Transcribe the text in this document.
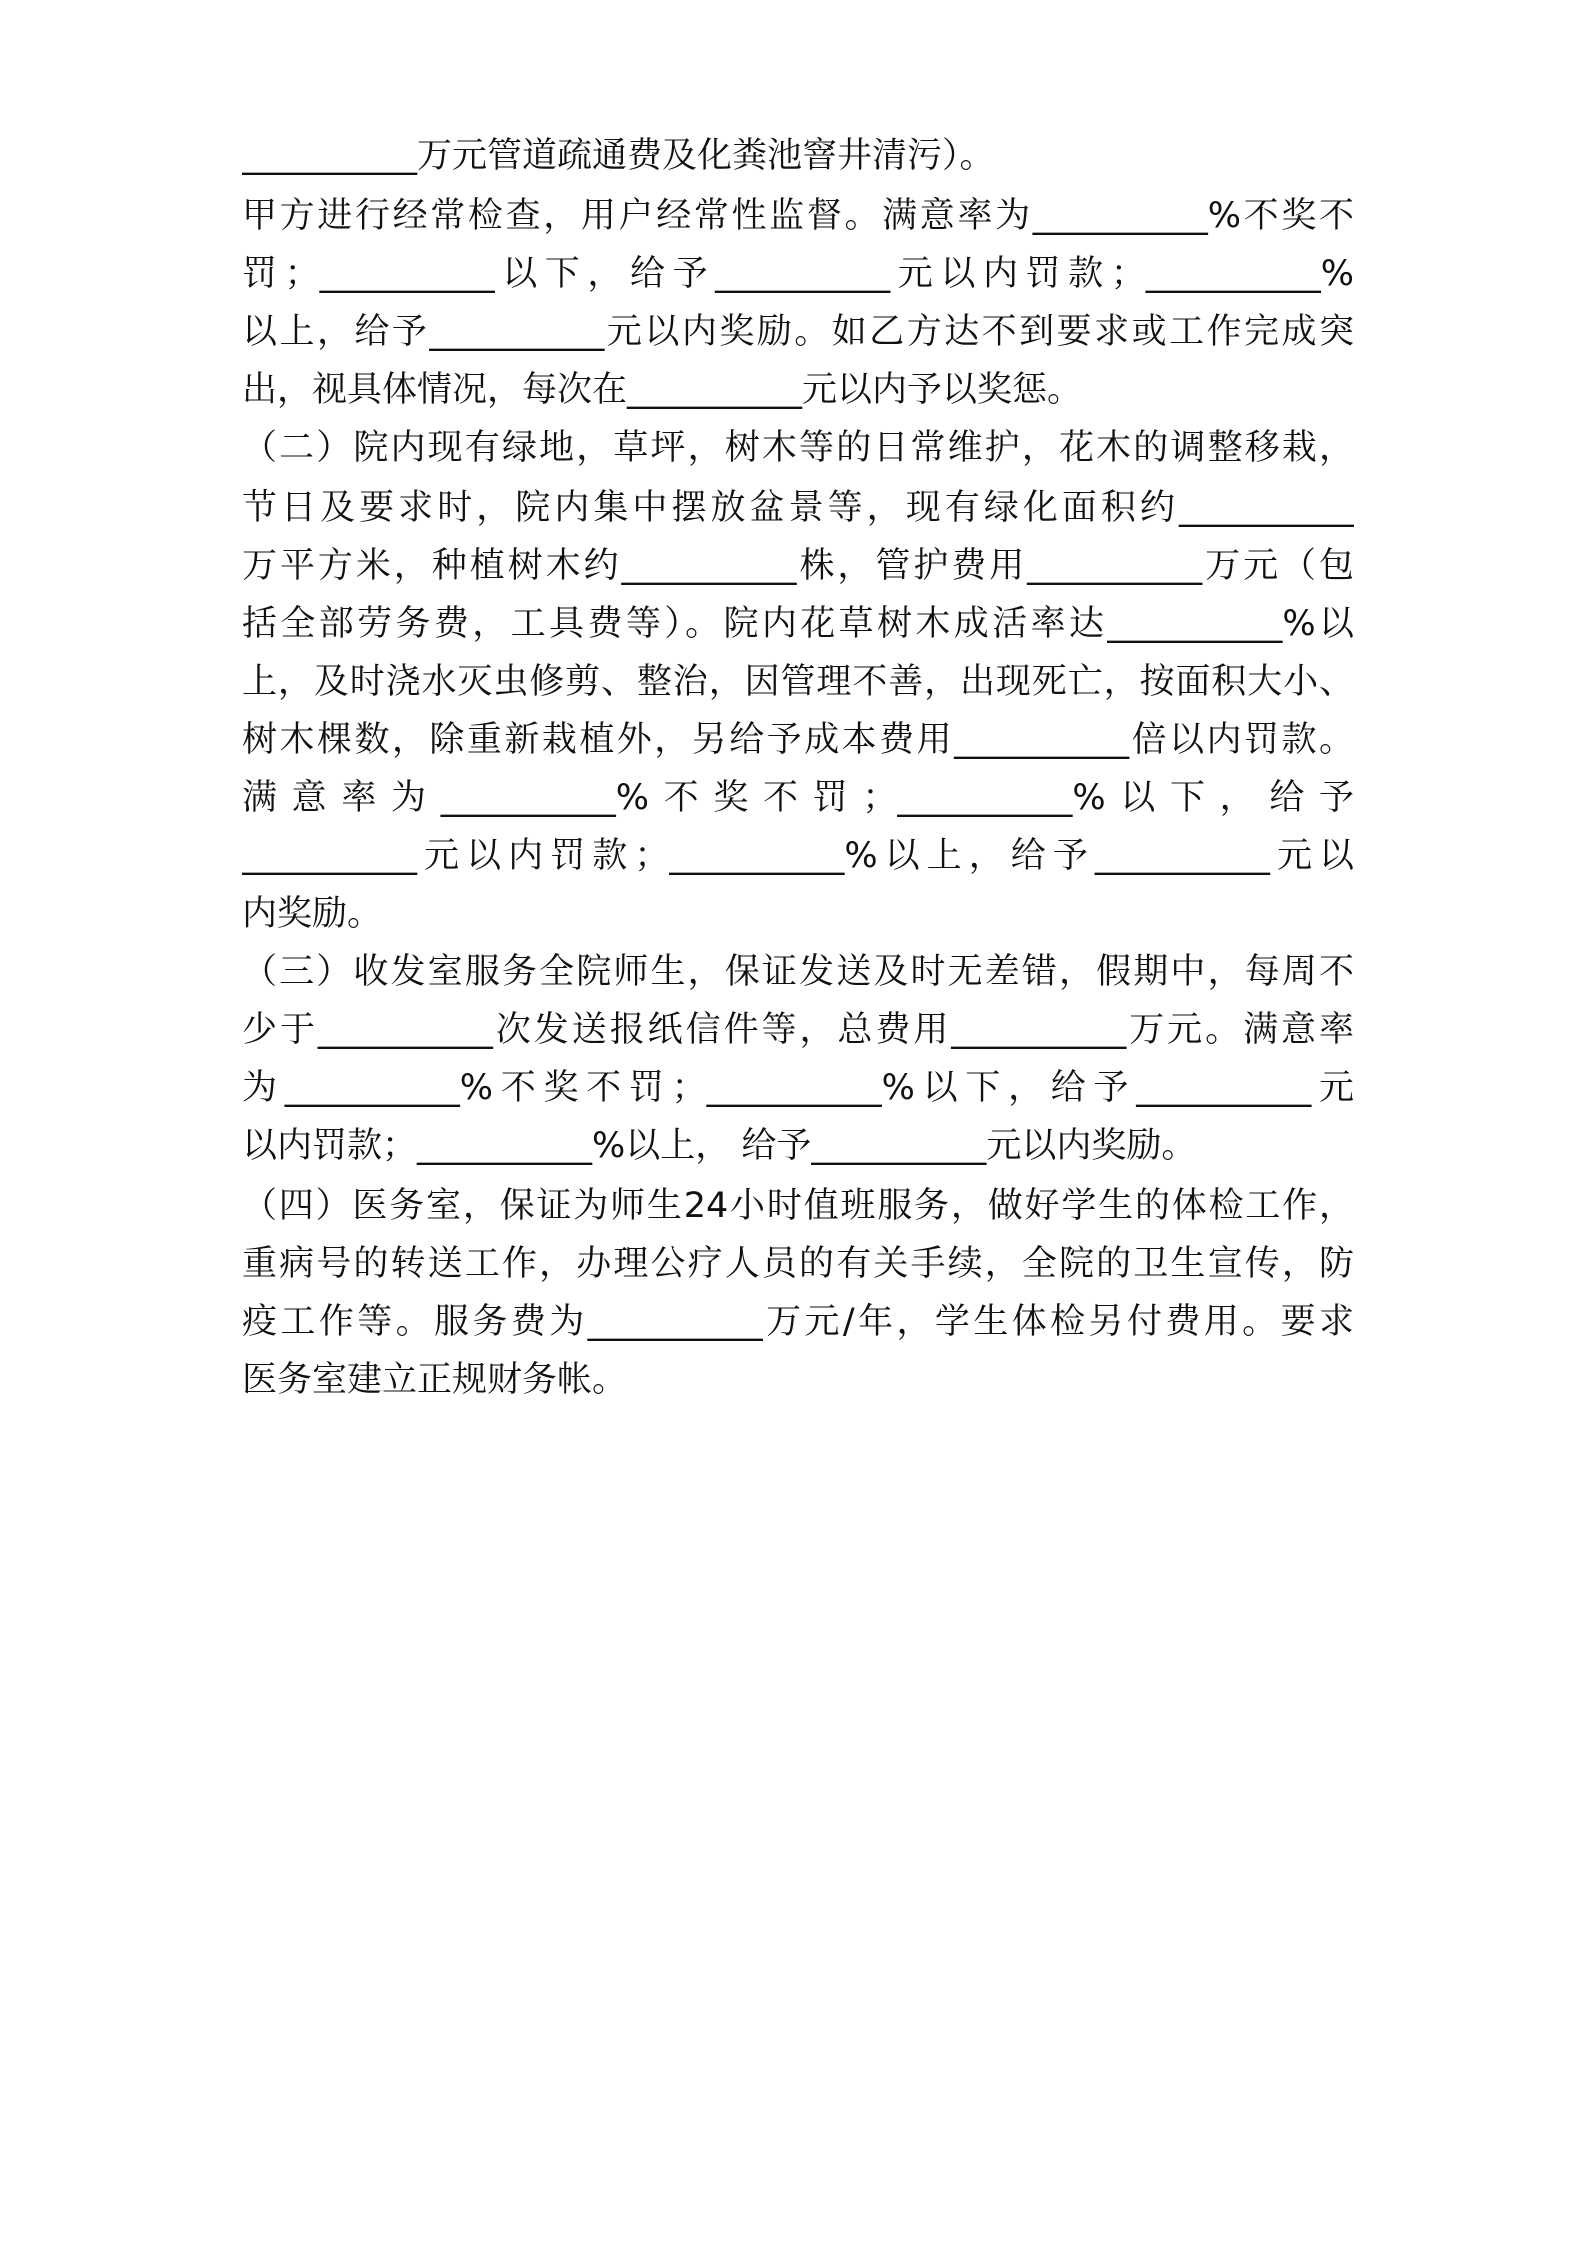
__________万元管道疏通费及化粪池窨井清污）。
甲方进行经常检查，用户经常性监督。满意率为__________%不奖不
罚；__________以下，给予__________元以内罚款；__________%
以上，给予__________元以内奖励。如乙方达不到要求或工作完成突
出，视具体情况，每次在__________元以内予以奖惩。
（二）院内现有绿地，草坪，树木等的日常维护，花木的调整移栽，
节日及要求时，院内集中摆放盆景等，现有绿化面积约__________
万平方米，种植树木约__________株，管护费用__________万元（包
括全部劳务费，工具费等）。院内花草树木成活率达__________%以
上，及时浇水灭虫修剪、整治，因管理不善，出现死亡，按面积大小、
树木棵数，除重新栽植外，另给予成本费用__________倍以内罚款。
满意率为__________%不奖不罚；__________%以下，给予
__________元以内罚款；__________%以上，给予__________元以
内奖励。
（三）收发室服务全院师生，保证发送及时无差错，假期中，每周不
少于__________次发送报纸信件等，总费用__________万元。满意率
为__________%不奖不罚；__________%以下，给予__________元
以内罚款；__________%以上， 给予__________元以内奖励。
（四）医务室，保证为师生24小时值班服务，做好学生的体检工作，
重病号的转送工作，办理公疗人员的有关手续，全院的卫生宣传，防
疫工作等。服务费为__________万元/年，学生体检另付费用。要求
医务室建立正规财务帐。
